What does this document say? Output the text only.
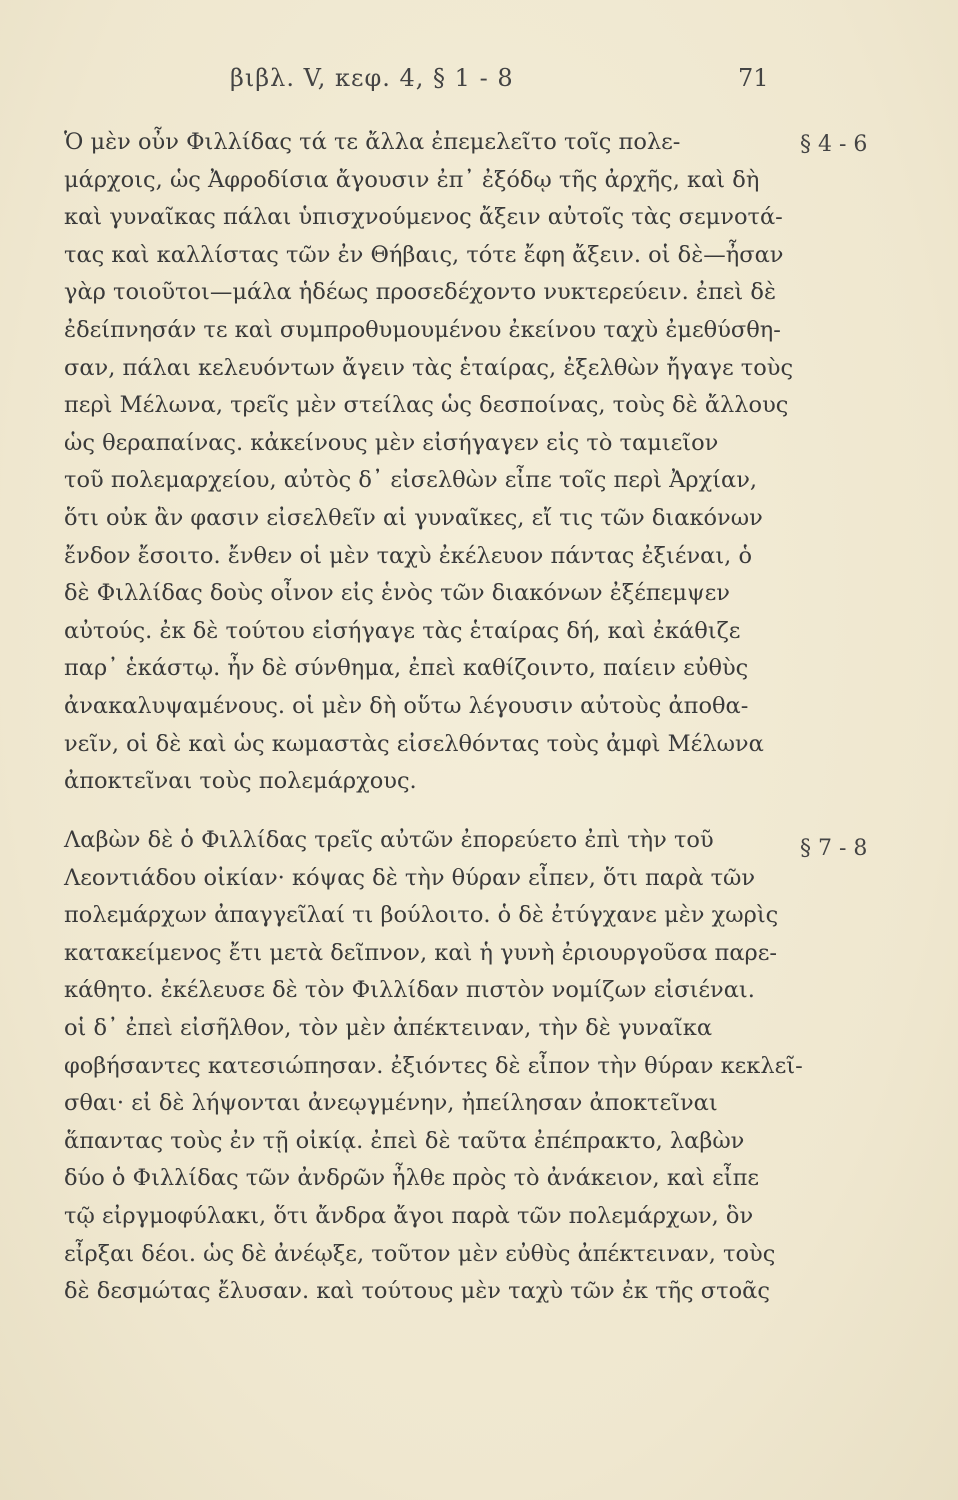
βιβλ. V, κεφ. 4, § 1 - 8	71
§ 4 - 6
§ 7 - 8
Ὁ μὲν οὖν Φιλλίδας τά τε ἄλλα ἐπεμελεῖτο τοῖς πολε-
μάρχοις, ὡς Ἀφροδίσια ἄγουσιν ἐπ᾽ ἐξόδῳ τῆς ἀρχῆς, καὶ δὴ
καὶ γυναῖκας πάλαι ὑπισχνούμενος ἄξειν αὐτοῖς τὰς σεμνοτά-
τας καὶ καλλίστας τῶν ἐν Θήβαις, τότε ἔφη ἄξειν. οἱ δὲ—ἦσαν
γὰρ τοιοῦτοι—μάλα ἡδέως προσεδέχοντο νυκτερεύειν. ἐπεὶ δὲ
ἐδείπνησάν τε καὶ συμπροθυμουμένου ἐκείνου ταχὺ ἐμεθύσθη-
σαν, πάλαι κελευόντων ἄγειν τὰς ἑταίρας, ἐξελθὼν ἤγαγε τοὺς
περὶ Μέλωνα, τρεῖς μὲν στείλας ὡς δεσποίνας, τοὺς δὲ ἄλλους
ὡς θεραπαίνας. κἀκείνους μὲν εἰσήγαγεν εἰς τὸ ταμιεῖον
τοῦ πολεμαρχείου, αὐτὸς δ᾽ εἰσελθὼν εἶπε τοῖς περὶ Ἀρχίαν,
ὅτι οὐκ ἂν φασιν εἰσελθεῖν αἱ γυναῖκες, εἴ τις τῶν διακόνων
ἔνδον ἔσοιτο. ἔνθεν οἱ μὲν ταχὺ ἐκέλευον πάντας ἐξιέναι, ὁ
δὲ Φιλλίδας δοὺς οἶνον εἰς ἑνὸς τῶν διακόνων ἐξέπεμψεν
αὐτούς. ἐκ δὲ τούτου εἰσήγαγε τὰς ἑταίρας δή, καὶ ἐκάθιζε
παρ᾽ ἑκάστῳ. ἦν δὲ σύνθημα, ἐπεὶ καθίζοιντο, παίειν εὐθὺς
ἀνακαλυψαμένους. οἱ μὲν δὴ οὕτω λέγουσιν αὐτοὺς ἀποθα-
νεῖν, οἱ δὲ καὶ ὡς κωμαστὰς εἰσελθόντας τοὺς ἀμφὶ Μέλωνα
ἀποκτεῖναι τοὺς πολεμάρχους.
Λαβὼν δὲ ὁ Φιλλίδας τρεῖς αὐτῶν ἐπορεύετο ἐπὶ τὴν τοῦ
Λεοντιάδου οἰκίαν· κόψας δὲ τὴν θύραν εἶπεν, ὅτι παρὰ τῶν
πολεμάρχων ἀπαγγεῖλαί τι βούλοιτο. ὁ δὲ ἐτύγχανε μὲν χωρὶς
κατακείμενος ἔτι μετὰ δεῖπνον, καὶ ἡ γυνὴ ἐριουργοῦσα παρε-
κάθητο. ἐκέλευσε δὲ τὸν Φιλλίδαν πιστὸν νομίζων εἰσιέναι.
οἱ δ᾽ ἐπεὶ εἰσῆλθον, τὸν μὲν ἀπέκτειναν, τὴν δὲ γυναῖκα
φοβήσαντες κατεσιώπησαν. ἐξιόντες δὲ εἶπον τὴν θύραν κεκλεῖ-
σθαι· εἰ δὲ λήψονται ἀνεῳγμένην, ἠπείλησαν ἀποκτεῖναι
ἅπαντας τοὺς ἐν τῇ οἰκίᾳ. ἐπεὶ δὲ ταῦτα ἐπέπρακτο, λαβὼν
δύο ὁ Φιλλίδας τῶν ἀνδρῶν ἦλθε πρὸς τὸ ἀνάκειον, καὶ εἶπε
τῷ εἰργμοφύλακι, ὅτι ἄνδρα ἄγοι παρὰ τῶν πολεμάρχων, ὃν
εἶρξαι δέοι. ὡς δὲ ἀνέῳξε, τοῦτον μὲν εὐθὺς ἀπέκτειναν, τοὺς
δὲ δεσμώτας ἔλυσαν. καὶ τούτους μὲν ταχὺ τῶν ἐκ τῆς στοᾶς
